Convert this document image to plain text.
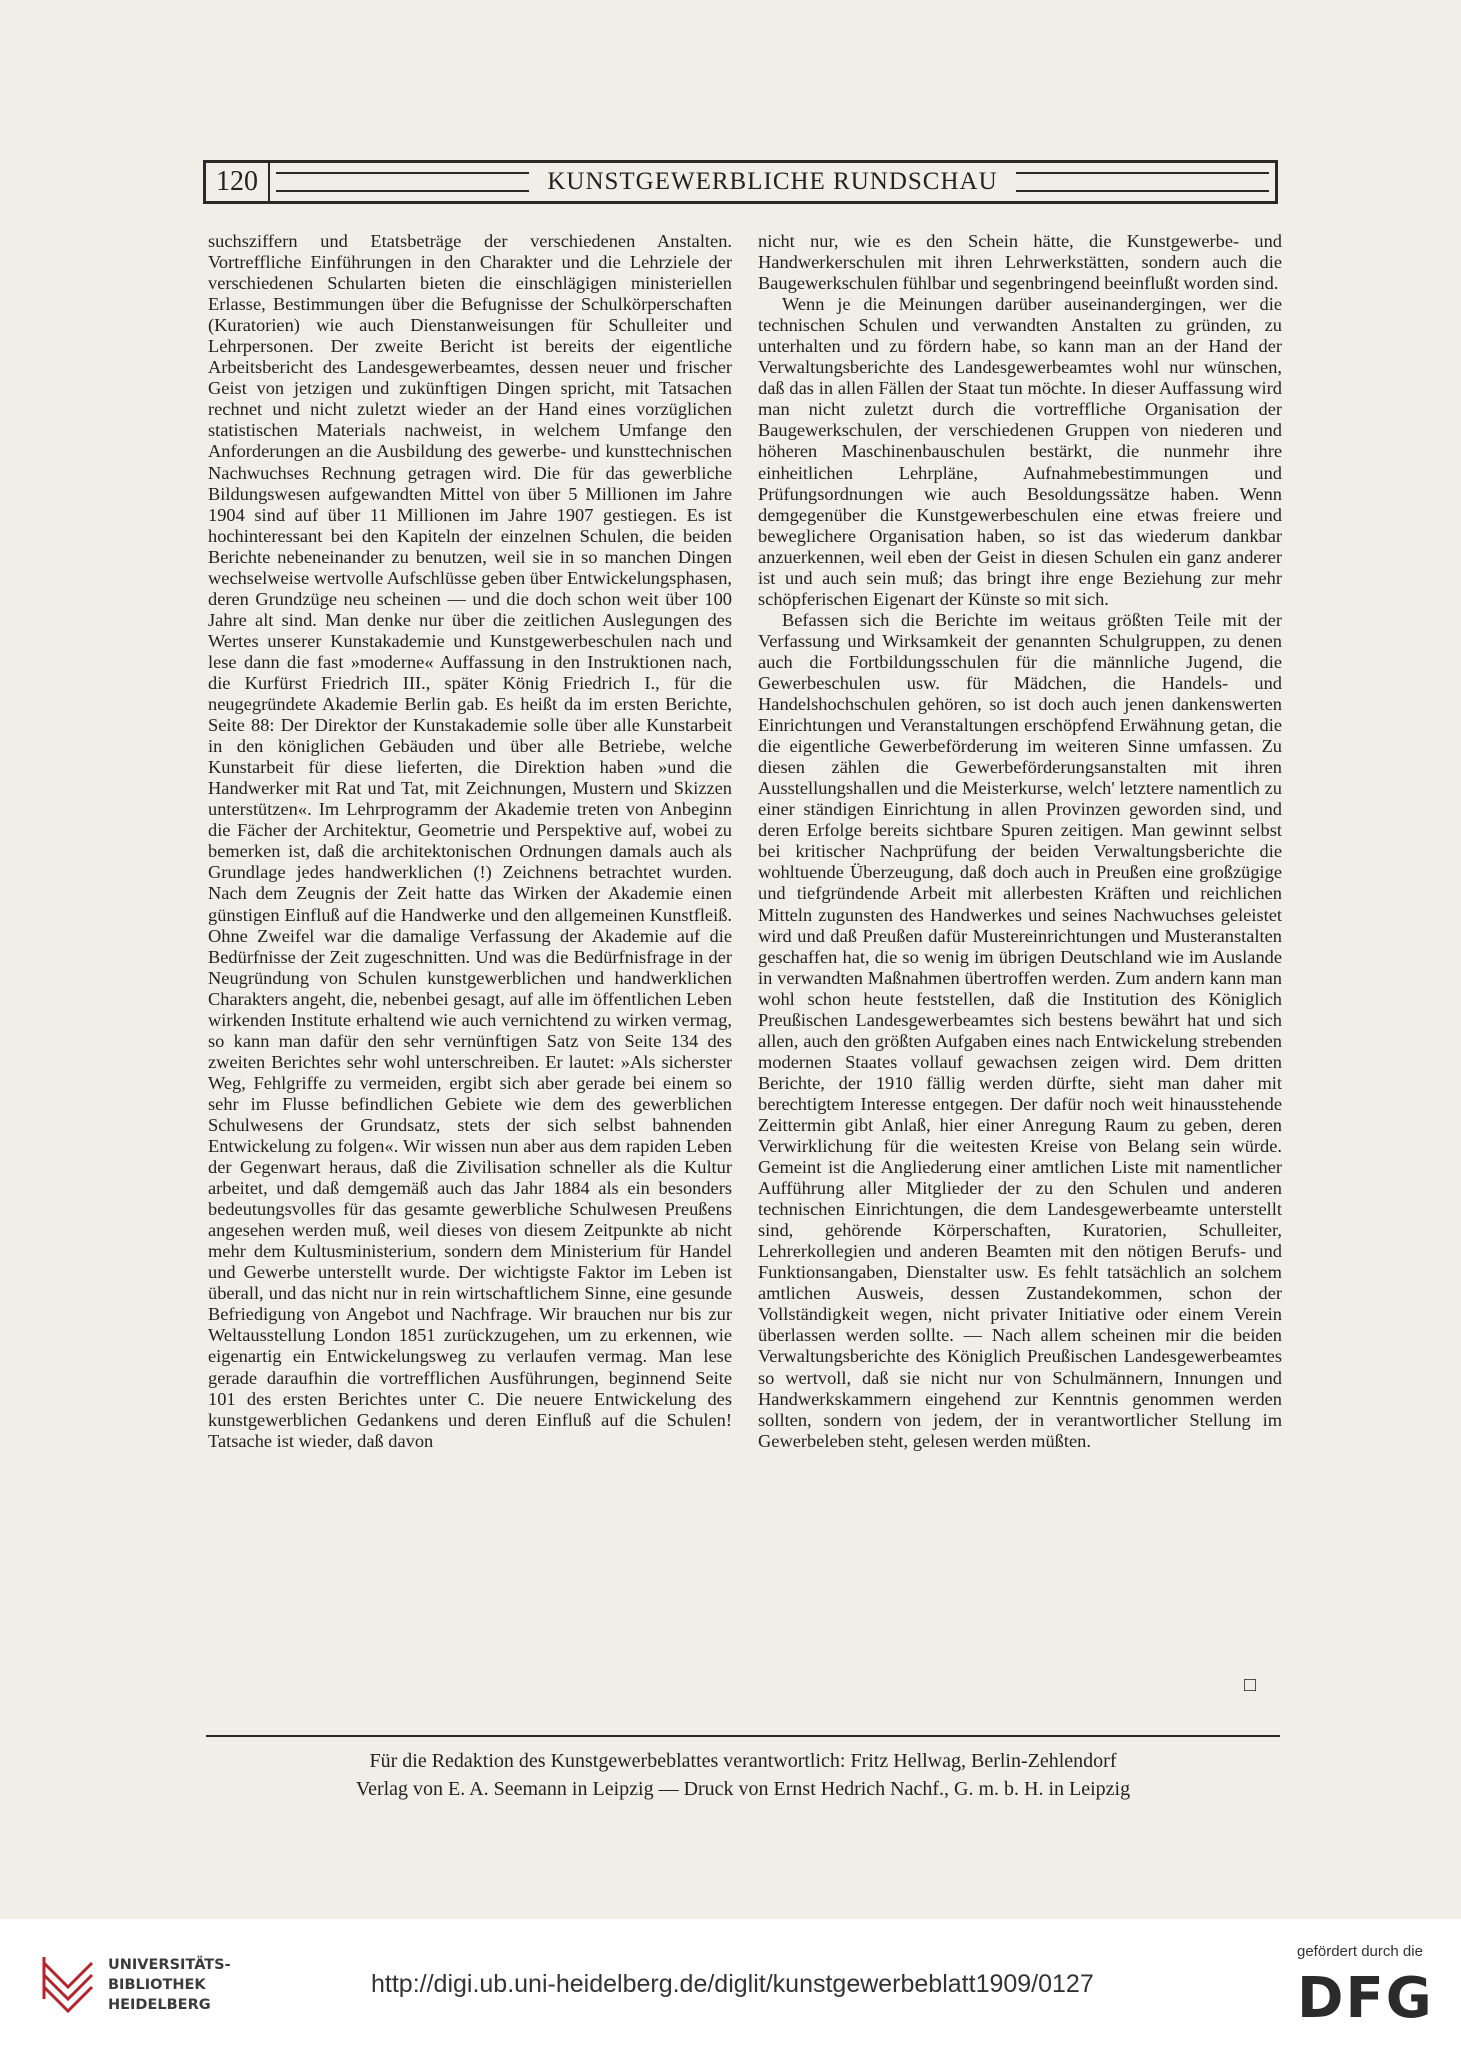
120	KUNSTGEWERBLICHE RUNDSCHAU

suchsziffern und Etatsbeträge der verschiedenen Anstalten. Vortreffliche Einführungen in den Charakter und die Lehrziele der verschiedenen Schularten bieten die einschlägigen ministeriellen Erlasse, Bestimmungen über die Befugnisse der Schulkörperschaften (Kuratorien) wie auch Dienstanweisungen für Schulleiter und Lehrpersonen. Der zweite Bericht ist bereits der eigentliche Arbeitsbericht des Landesgewerbeamtes, dessen neuer und frischer Geist von jetzigen und zukünftigen Dingen spricht, mit Tatsachen rechnet und nicht zuletzt wieder an der Hand eines vorzüglichen statistischen Materials nachweist, in welchem Umfange den Anforderungen an die Ausbildung des gewerbe- und kunsttechnischen Nachwuchses Rechnung getragen wird. Die für das gewerbliche Bildungswesen aufgewandten Mittel von über 5 Millionen im Jahre 1904 sind auf über 11 Millionen im Jahre 1907 gestiegen. Es ist hochinteressant bei den Kapiteln der einzelnen Schulen, die beiden Berichte nebeneinander zu benutzen, weil sie in so manchen Dingen wechselweise wertvolle Aufschlüsse geben über Entwickelungsphasen, deren Grundzüge neu scheinen — und die doch schon weit über 100 Jahre alt sind. Man denke nur über die zeitlichen Auslegungen des Wertes unserer Kunstakademie und Kunstgewerbeschulen nach und lese dann die fast »moderne« Auffassung in den Instruktionen nach, die Kurfürst Friedrich III., später König Friedrich I., für die neugegründete Akademie Berlin gab. Es heißt da im ersten Berichte, Seite 88: Der Direktor der Kunstakademie solle über alle Kunstarbeit in den königlichen Gebäuden und über alle Betriebe, welche Kunstarbeit für diese lieferten, die Direktion haben »und die Handwerker mit Rat und Tat, mit Zeichnungen, Mustern und Skizzen unterstützen«. Im Lehrprogramm der Akademie treten von Anbeginn die Fächer der Architektur, Geometrie und Perspektive auf, wobei zu bemerken ist, daß die architektonischen Ordnungen damals auch als Grundlage jedes handwerklichen (!) Zeichnens betrachtet wurden. Nach dem Zeugnis der Zeit hatte das Wirken der Akademie einen günstigen Einfluß auf die Handwerke und den allgemeinen Kunstfleiß. Ohne Zweifel war die damalige Verfassung der Akademie auf die Bedürfnisse der Zeit zugeschnitten. Und was die Bedürfnisfrage in der Neugründung von Schulen kunstgewerblichen und handwerklichen Charakters angeht, die, nebenbei gesagt, auf alle im öffentlichen Leben wirkenden Institute erhaltend wie auch vernichtend zu wirken vermag, so kann man dafür den sehr vernünftigen Satz von Seite 134 des zweiten Berichtes sehr wohl unterschreiben. Er lautet: »Als sicherster Weg, Fehlgriffe zu vermeiden, ergibt sich aber gerade bei einem so sehr im Flusse befindlichen Gebiete wie dem des gewerblichen Schulwesens der Grundsatz, stets der sich selbst bahnenden Entwickelung zu folgen«. Wir wissen nun aber aus dem rapiden Leben der Gegenwart heraus, daß die Zivilisation schneller als die Kultur arbeitet, und daß demgemäß auch das Jahr 1884 als ein besonders bedeutungsvolles für das gesamte gewerbliche Schulwesen Preußens angesehen werden muß, weil dieses von diesem Zeitpunkte ab nicht mehr dem Kultusministerium, sondern dem Ministerium für Handel und Gewerbe unterstellt wurde. Der wichtigste Faktor im Leben ist überall, und das nicht nur in rein wirtschaftlichem Sinne, eine gesunde Befriedigung von Angebot und Nachfrage. Wir brauchen nur bis zur Weltausstellung London 1851 zurückzugehen, um zu erkennen, wie eigenartig ein Entwickelungsweg zu verlaufen vermag. Man lese gerade daraufhin die vortrefflichen Ausführungen, beginnend Seite 101 des ersten Berichtes unter C. Die neuere Entwickelung des kunstgewerblichen Gedankens und deren Einfluß auf die Schulen! Tatsache ist wieder, daß davon

nicht nur, wie es den Schein hätte, die Kunstgewerbe- und Handwerkerschulen mit ihren Lehrwerkstätten, sondern auch die Baugewerkschulen fühlbar und segenbringend beeinflußt worden sind.

Wenn je die Meinungen darüber auseinandergingen, wer die technischen Schulen und verwandten Anstalten zu gründen, zu unterhalten und zu fördern habe, so kann man an der Hand der Verwaltungsberichte des Landesgewerbeamtes wohl nur wünschen, daß das in allen Fällen der Staat tun möchte. In dieser Auffassung wird man nicht zuletzt durch die vortreffliche Organisation der Baugewerkschulen, der verschiedenen Gruppen von niederen und höheren Maschinenbauschulen bestärkt, die nunmehr ihre einheitlichen Lehrpläne, Aufnahmebestimmungen und Prüfungsordnungen wie auch Besoldungssätze haben. Wenn demgegenüber die Kunstgewerbeschulen eine etwas freiere und beweglichere Organisation haben, so ist das wiederum dankbar anzuerkennen, weil eben der Geist in diesen Schulen ein ganz anderer ist und auch sein muß; das bringt ihre enge Beziehung zur mehr schöpferischen Eigenart der Künste so mit sich.

Befassen sich die Berichte im weitaus größten Teile mit der Verfassung und Wirksamkeit der genannten Schulgruppen, zu denen auch die Fortbildungsschulen für die männliche Jugend, die Gewerbeschulen usw. für Mädchen, die Handels- und Handelshochschulen gehören, so ist doch auch jenen dankenswerten Einrichtungen und Veranstaltungen erschöpfend Erwähnung getan, die die eigentliche Gewerbeförderung im weiteren Sinne umfassen. Zu diesen zählen die Gewerbeförderungsanstalten mit ihren Ausstellungshallen und die Meisterkurse, welch' letztere namentlich zu einer ständigen Einrichtung in allen Provinzen geworden sind, und deren Erfolge bereits sichtbare Spuren zeitigen. Man gewinnt selbst bei kritischer Nachprüfung der beiden Verwaltungsberichte die wohltuende Überzeugung, daß doch auch in Preußen eine großzügige und tiefgründende Arbeit mit allerbesten Kräften und reichlichen Mitteln zugunsten des Handwerkes und seines Nachwuchses geleistet wird und daß Preußen dafür Mustereinrichtungen und Musteranstalten geschaffen hat, die so wenig im übrigen Deutschland wie im Auslande in verwandten Maßnahmen übertroffen werden. Zum andern kann man wohl schon heute feststellen, daß die Institution des Königlich Preußischen Landesgewerbeamtes sich bestens bewährt hat und sich allen, auch den größten Aufgaben eines nach Entwickelung strebenden modernen Staates vollauf gewachsen zeigen wird. Dem dritten Berichte, der 1910 fällig werden dürfte, sieht man daher mit berechtigtem Interesse entgegen. Der dafür noch weit hinausstehende Zeittermin gibt Anlaß, hier einer Anregung Raum zu geben, deren Verwirklichung für die weitesten Kreise von Belang sein würde. Gemeint ist die Angliederung einer amtlichen Liste mit namentlicher Aufführung aller Mitglieder der zu den Schulen und anderen technischen Einrichtungen, die dem Landesgewerbeamte unterstellt sind, gehörende Körperschaften, Kuratorien, Schulleiter, Lehrerkollegien und anderen Beamten mit den nötigen Berufs- und Funktionsangaben, Dienstalter usw. Es fehlt tatsächlich an solchem amtlichen Ausweis, dessen Zustandekommen, schon der Vollständigkeit wegen, nicht privater Initiative oder einem Verein überlassen werden sollte. — Nach allem scheinen mir die beiden Verwaltungsberichte des Königlich Preußischen Landesgewerbeamtes so wertvoll, daß sie nicht nur von Schulmännern, Innungen und Handwerkskammern eingehend zur Kenntnis genommen werden sollten, sondern von jedem, der in verantwortlicher Stellung im Gewerbeleben steht, gelesen werden müßten.

□
Für die Redaktion des Kunstgewerbeblattes verantwortlich: Fritz Hellwag, Berlin-Zehlendorf
Verlag von E. A. Seemann in Leipzig — Druck von Ernst Hedrich Nachf., G. m. b. H. in Leipzig
UNIVERSITÄTS-
BIBLIOTHEK
HEIDELBERG
http://digi.ub.uni-heidelberg.de/diglit/kunstgewerbeblatt1909/0127
gefördert durch die
DFG
